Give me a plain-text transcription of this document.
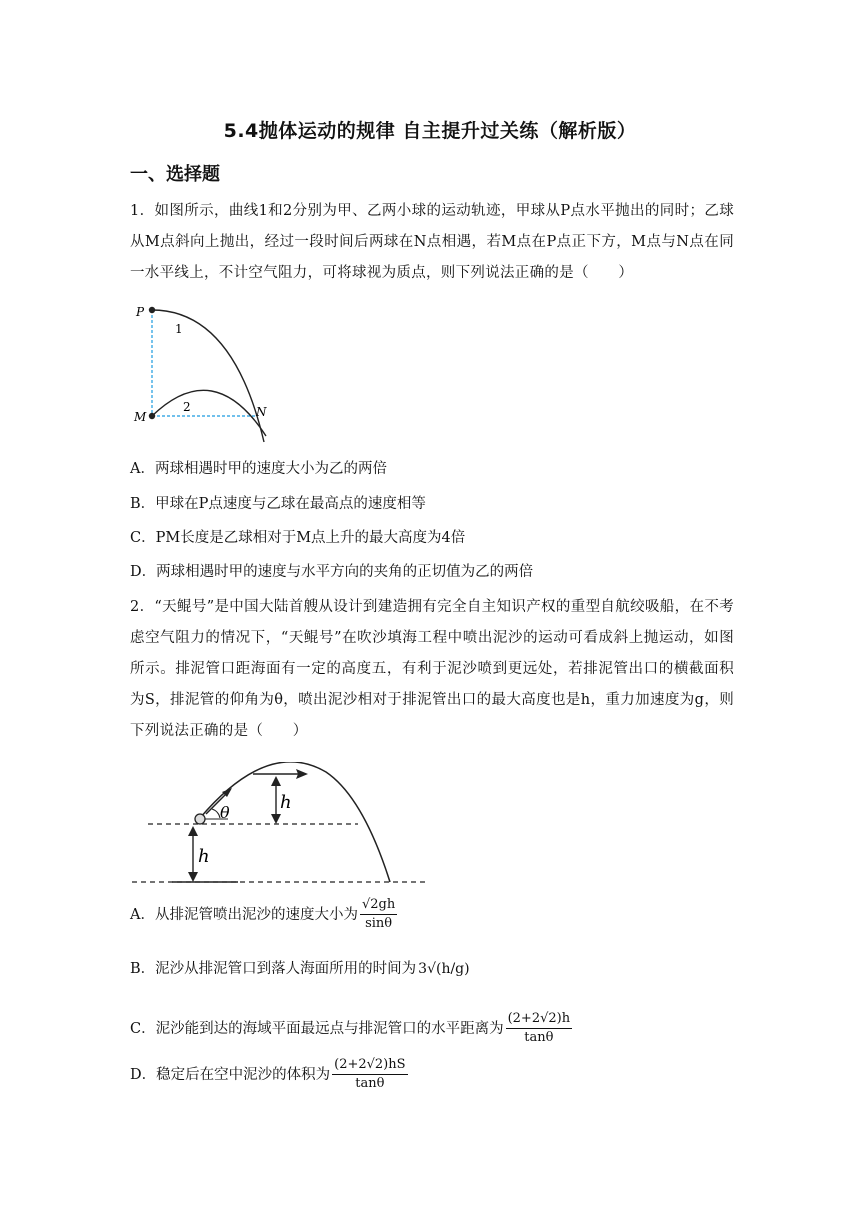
5.4抛体运动的规律 自主提升过关练（解析版）
一、选择题
1．如图所示，曲线1和2分别为甲、乙两小球的运动轨迹，甲球从P点水平抛出的同时；乙球从M点斜向上抛出，经过一段时间后两球在N点相遇，若M点在P点正下方，M点与N点在同一水平线上，不计空气阻力，可将球视为质点，则下列说法正确的是（　　）
P
M	N
1
2
A．两球相遇时甲的速度大小为乙的两倍
B．甲球在P点速度与乙球在最高点的速度相等
C．PM长度是乙球相对于M点上升的最大高度为4倍
D．两球相遇时甲的速度与水平方向的夹角的正切值为乙的两倍
2．“天鲲号”是中国大陆首艘从设计到建造拥有完全自主知识产权的重型自航绞吸船，在不考虑空气阻力的情况下，“天鲲号”在吹沙填海工程中喷出泥沙的运动可看成斜上抛运动，如图所示。排泥管口距海面有一定的高度五，有利于泥沙喷到更远处，若排泥管出口的横截面积为S，排泥管的仰角为θ，喷出泥沙相对于排泥管出口的最大高度也是h，重力加速度为g，则下列说法正确的是（　　）
h
h
θ
A．从排泥管喷出泥沙的速度大小为 $\frac{√2gh}{\sin\theta}$
B．泥沙从排泥管口到落人海面所用的时间为 3√(h/g)
C．泥沙能到达的海域平面最远点与排泥管口的水平距离为 $\frac{(2+2√2)h}{\tan\theta}$
D．稳定后在空中泥沙的体积为 $\frac{(2+2√2)hS}{\tan\theta}$
